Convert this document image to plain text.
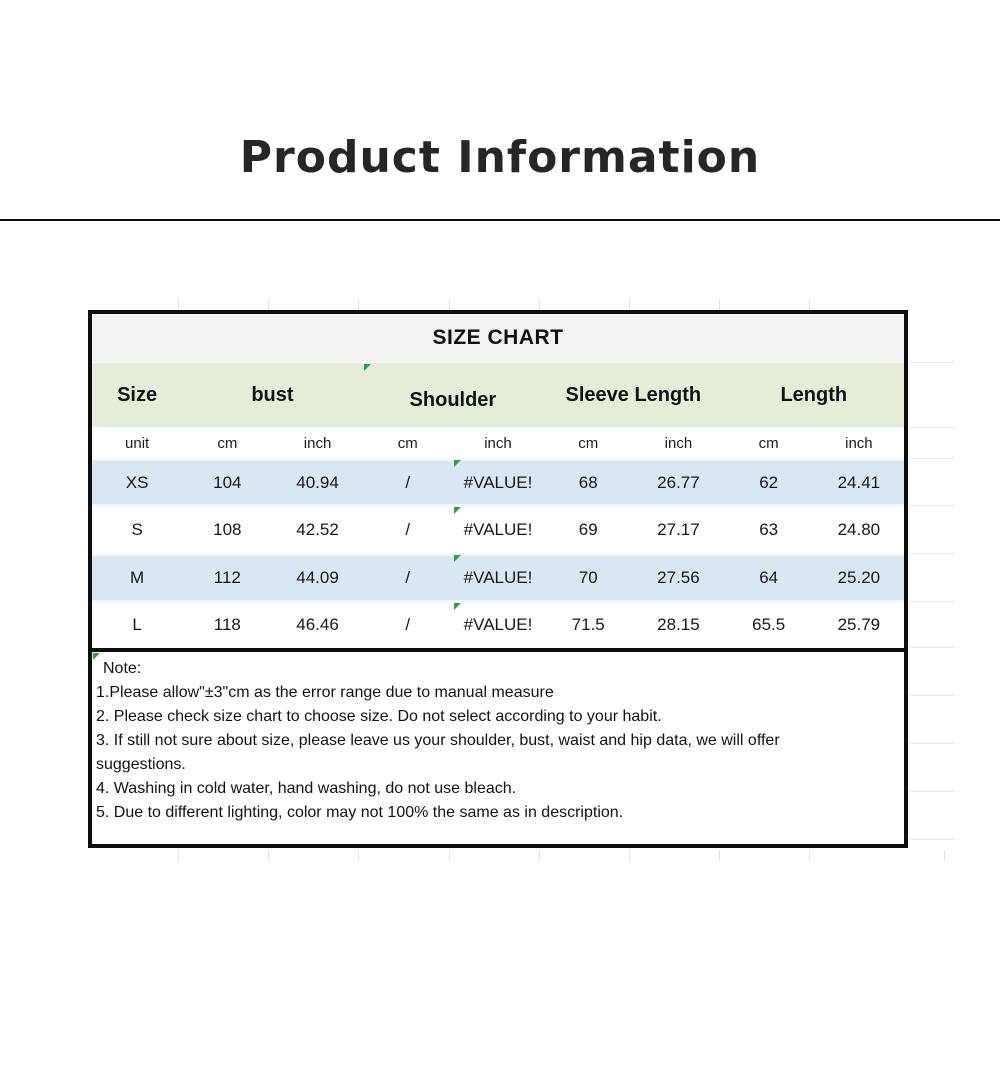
Product Information
SIZE CHART
Size	bust	Shoulder	Sleeve Length	Length
unit	cm	inch	cm	inch	cm	inch	cm	inch
XS	104	40.94	/	#VALUE!	68	26.77	62	24.41
S	108	42.52	/	#VALUE!	69	27.17	63	24.80
M	112	44.09	/	#VALUE!	70	27.56	64	25.20
L	118	46.46	/	#VALUE!	71.5	28.15	65.5	25.79
Note:
1.Please allow"±3"cm as the error range due to manual measure
2. Please check size chart to choose size. Do not select according to your habit.
3. If still not sure about size, please leave us your shoulder, bust, waist and hip data, we will offer
suggestions.
4. Washing in cold water, hand washing, do not use bleach.
5. Due to different lighting, color may not 100% the same as in description.
